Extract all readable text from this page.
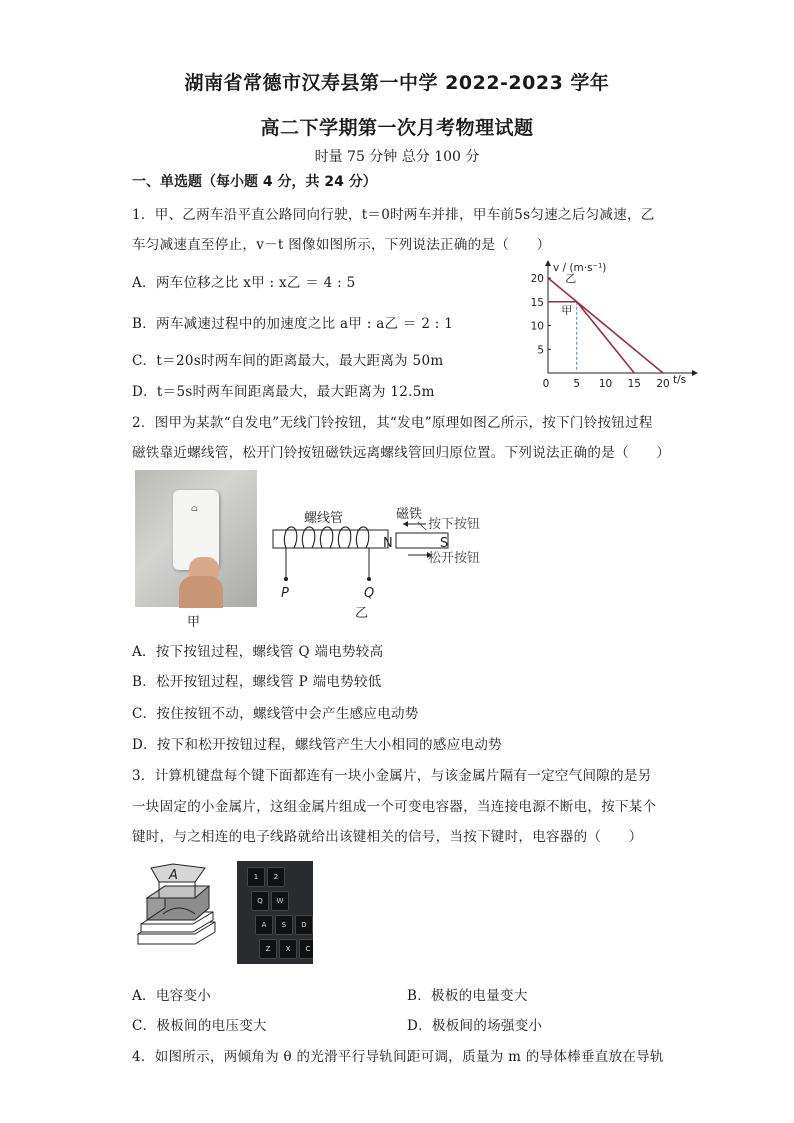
湖南省常德市汉寿县第一中学 2022-2023 学年
高二下学期第一次月考物理试题
时量 75 分钟 总分 100 分
一、单选题（每小题 4 分，共 24 分）
1．甲、乙两车沿平直公路同向行驶，t＝0时两车并排，甲车前5s匀速之后匀减速，乙
车匀减速直至停止，v－t 图像如图所示，下列说法正确的是（　　）
A．两车位移之比 x甲 : x乙 ＝ 4 : 5
B．两车减速过程中的加速度之比 a甲 : a乙 ＝ 2 : 1
C．t＝20s时两车间的距离最大，最大距离为 50m
D．t＝5s时两车间距离最大，最大距离为 12.5m
v / (m·s⁻¹)
t/s
20
15
10
5
0 5 10 15 20
乙
甲
2．图甲为某款“自发电”无线门铃按钮，其“发电”原理如图乙所示，按下门铃按钮过程
磁铁靠近螺线管，松开门铃按钮磁铁远离螺线管回归原位置。下列说法正确的是（　　）
⌂
甲
P	Q
螺线管
N	S
磁铁
按下按钮
松开按钮
乙
A．按下按钮过程，螺线管 Q 端电势较高
B．松开按钮过程，螺线管 P 端电势较低
C．按住按钮不动，螺线管中会产生感应电动势
D．按下和松开按钮过程，螺线管产生大小相同的感应电动势
3．计算机键盘每个键下面都连有一块小金属片，与该金属片隔有一定空气间隙的是另
一块固定的小金属片，这组金属片组成一个可变电容器，当连接电源不断电，按下某个
键时，与之相连的电子线路就给出该键相关的信号，当按下键时，电容器的（　　）
A	1	2
Q	W
A	S	D
Z	X	C
A．电容变小	B．极板的电量变大
C．极板间的电压变大	D．极板间的场强变小
4．如图所示，两倾角为 θ 的光滑平行导轨间距可调，质量为 m 的导体棒垂直放在导轨
